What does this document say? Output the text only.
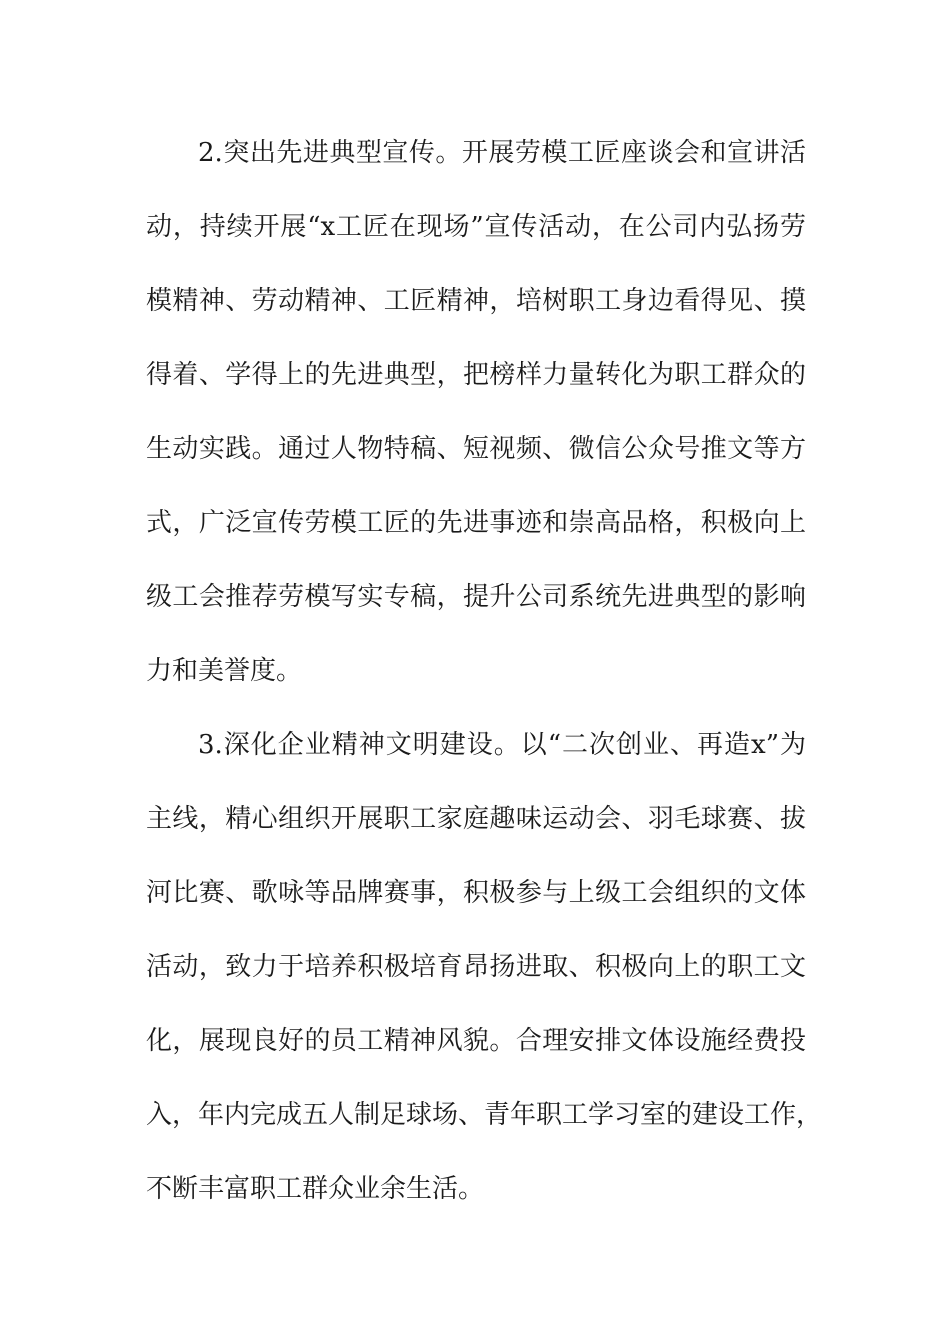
2.突出先进典型宣传。开展劳模工匠座谈会和宣讲活
动，持续开展“x工匠在现场”宣传活动，在公司内弘扬劳
模精神、劳动精神、工匠精神，培树职工身边看得见、摸
得着、学得上的先进典型，把榜样力量转化为职工群众的
生动实践。通过人物特稿、短视频、微信公众号推文等方
式，广泛宣传劳模工匠的先进事迹和崇高品格，积极向上
级工会推荐劳模写实专稿，提升公司系统先进典型的影响
力和美誉度。
3.深化企业精神文明建设。以“二次创业、再造x”为
主线，精心组织开展职工家庭趣味运动会、羽毛球赛、拔
河比赛、歌咏等品牌赛事，积极参与上级工会组织的文体
活动，致力于培养积极培育昂扬进取、积极向上的职工文
化，展现良好的员工精神风貌。合理安排文体设施经费投
入，年内完成五人制足球场、青年职工学习室的建设工作，
不断丰富职工群众业余生活。
